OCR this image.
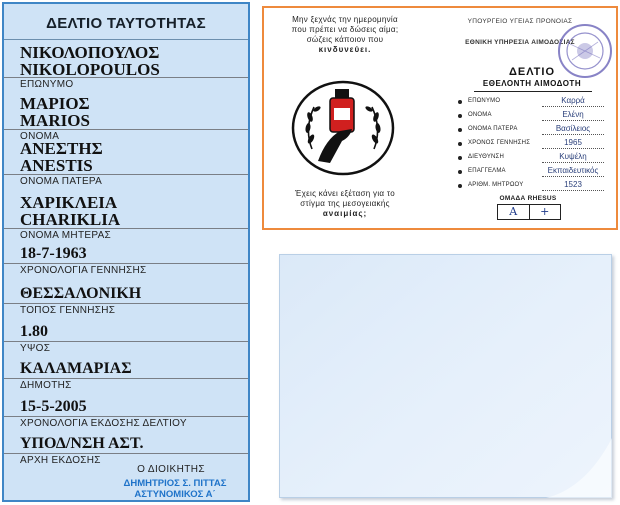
ΔΕΛΤΙΟ ΤΑΥΤΟΤΗΤΑΣ
ΝΙΚΟΛΟΠΟΥΛΟΣ
NIKOLOPOULOS
ΕΠΩΝΥΜΟ
ΜΑΡΙΟΣ
MARIOS
ΟΝΟΜΑ
ΑΝΕΣΤΗΣ
ANESTIS
ΟΝΟΜΑ ΠΑΤΕΡΑ
ΧΑΡΙΚΛΕΙΑ
CHARIKLIA
ΟΝΟΜΑ ΜΗΤΕΡΑΣ
18-7-1963
ΧΡΟΝΟΛΟΓΙΑ ΓΕΝΝΗΣΗΣ
ΘΕΣΣΑΛΟΝΙΚΗ
ΤΟΠΟΣ ΓΕΝΝΗΣΗΣ
1.80
ΥΨΟΣ
ΚΑΛΑΜΑΡΙΑΣ
ΔΗΜΟΤΗΣ
15-5-2005
ΧΡΟΝΟΛΟΓΙΑ ΕΚΔΟΣΗΣ ΔΕΛΤΙΟΥ
ΥΠΟΔ/ΝΣΗ ΑΣΤ.
ΑΡΧΗ ΕΚΔΟΣΗΣ
Ο ΔΙΟΙΚΗΤΗΣ
ΔΗΜΗΤΡΙΟΣ Σ. ΠΙΤΤΑΣ
ΑΣΤΥΝΟΜΙΚΟΣ Α΄
Μην ξεχνάς την ημερομηνία
που πρέπει να δώσεις αίμα;
σώζεις κάποιον που
κινδυνεύει.
Έχεις κάνει εξέταση για το
στίγμα της μεσογειακής
αναιμίας;
ΥΠΟΥΡΓΕΙΟ ΥΓΕΙΑΣ ΠΡΟΝΟΙΑΣ
ΕΘΝΙΚΗ ΥΠΗΡΕΣΙΑ ΑΙΜΟΔΟΣΙΑΣ
ΔΕΛΤΙΟ
ΕΘΕΛΟΝΤΗ ΑΙΜΟΔΟΤΗ
ΕΠΩΝΥΜΟ	Καρρά
ΟΝΟΜΑ	Ελένη
ΟΝΟΜΑ ΠΑΤΕΡΑ	Βασίλειος
ΧΡΟΝΟΣ ΓΕΝΝΗΣΗΣ	1965
ΔΙΕΥΘΥΝΣΗ	Κυψέλη
ΕΠΑΓΓΕΛΜΑ	Εκπαιδευτικός
ΑΡΙΘΜ. ΜΗΤΡΩΟΥ	1523
ΟΜΑΔΑ RHESUS
A	+
